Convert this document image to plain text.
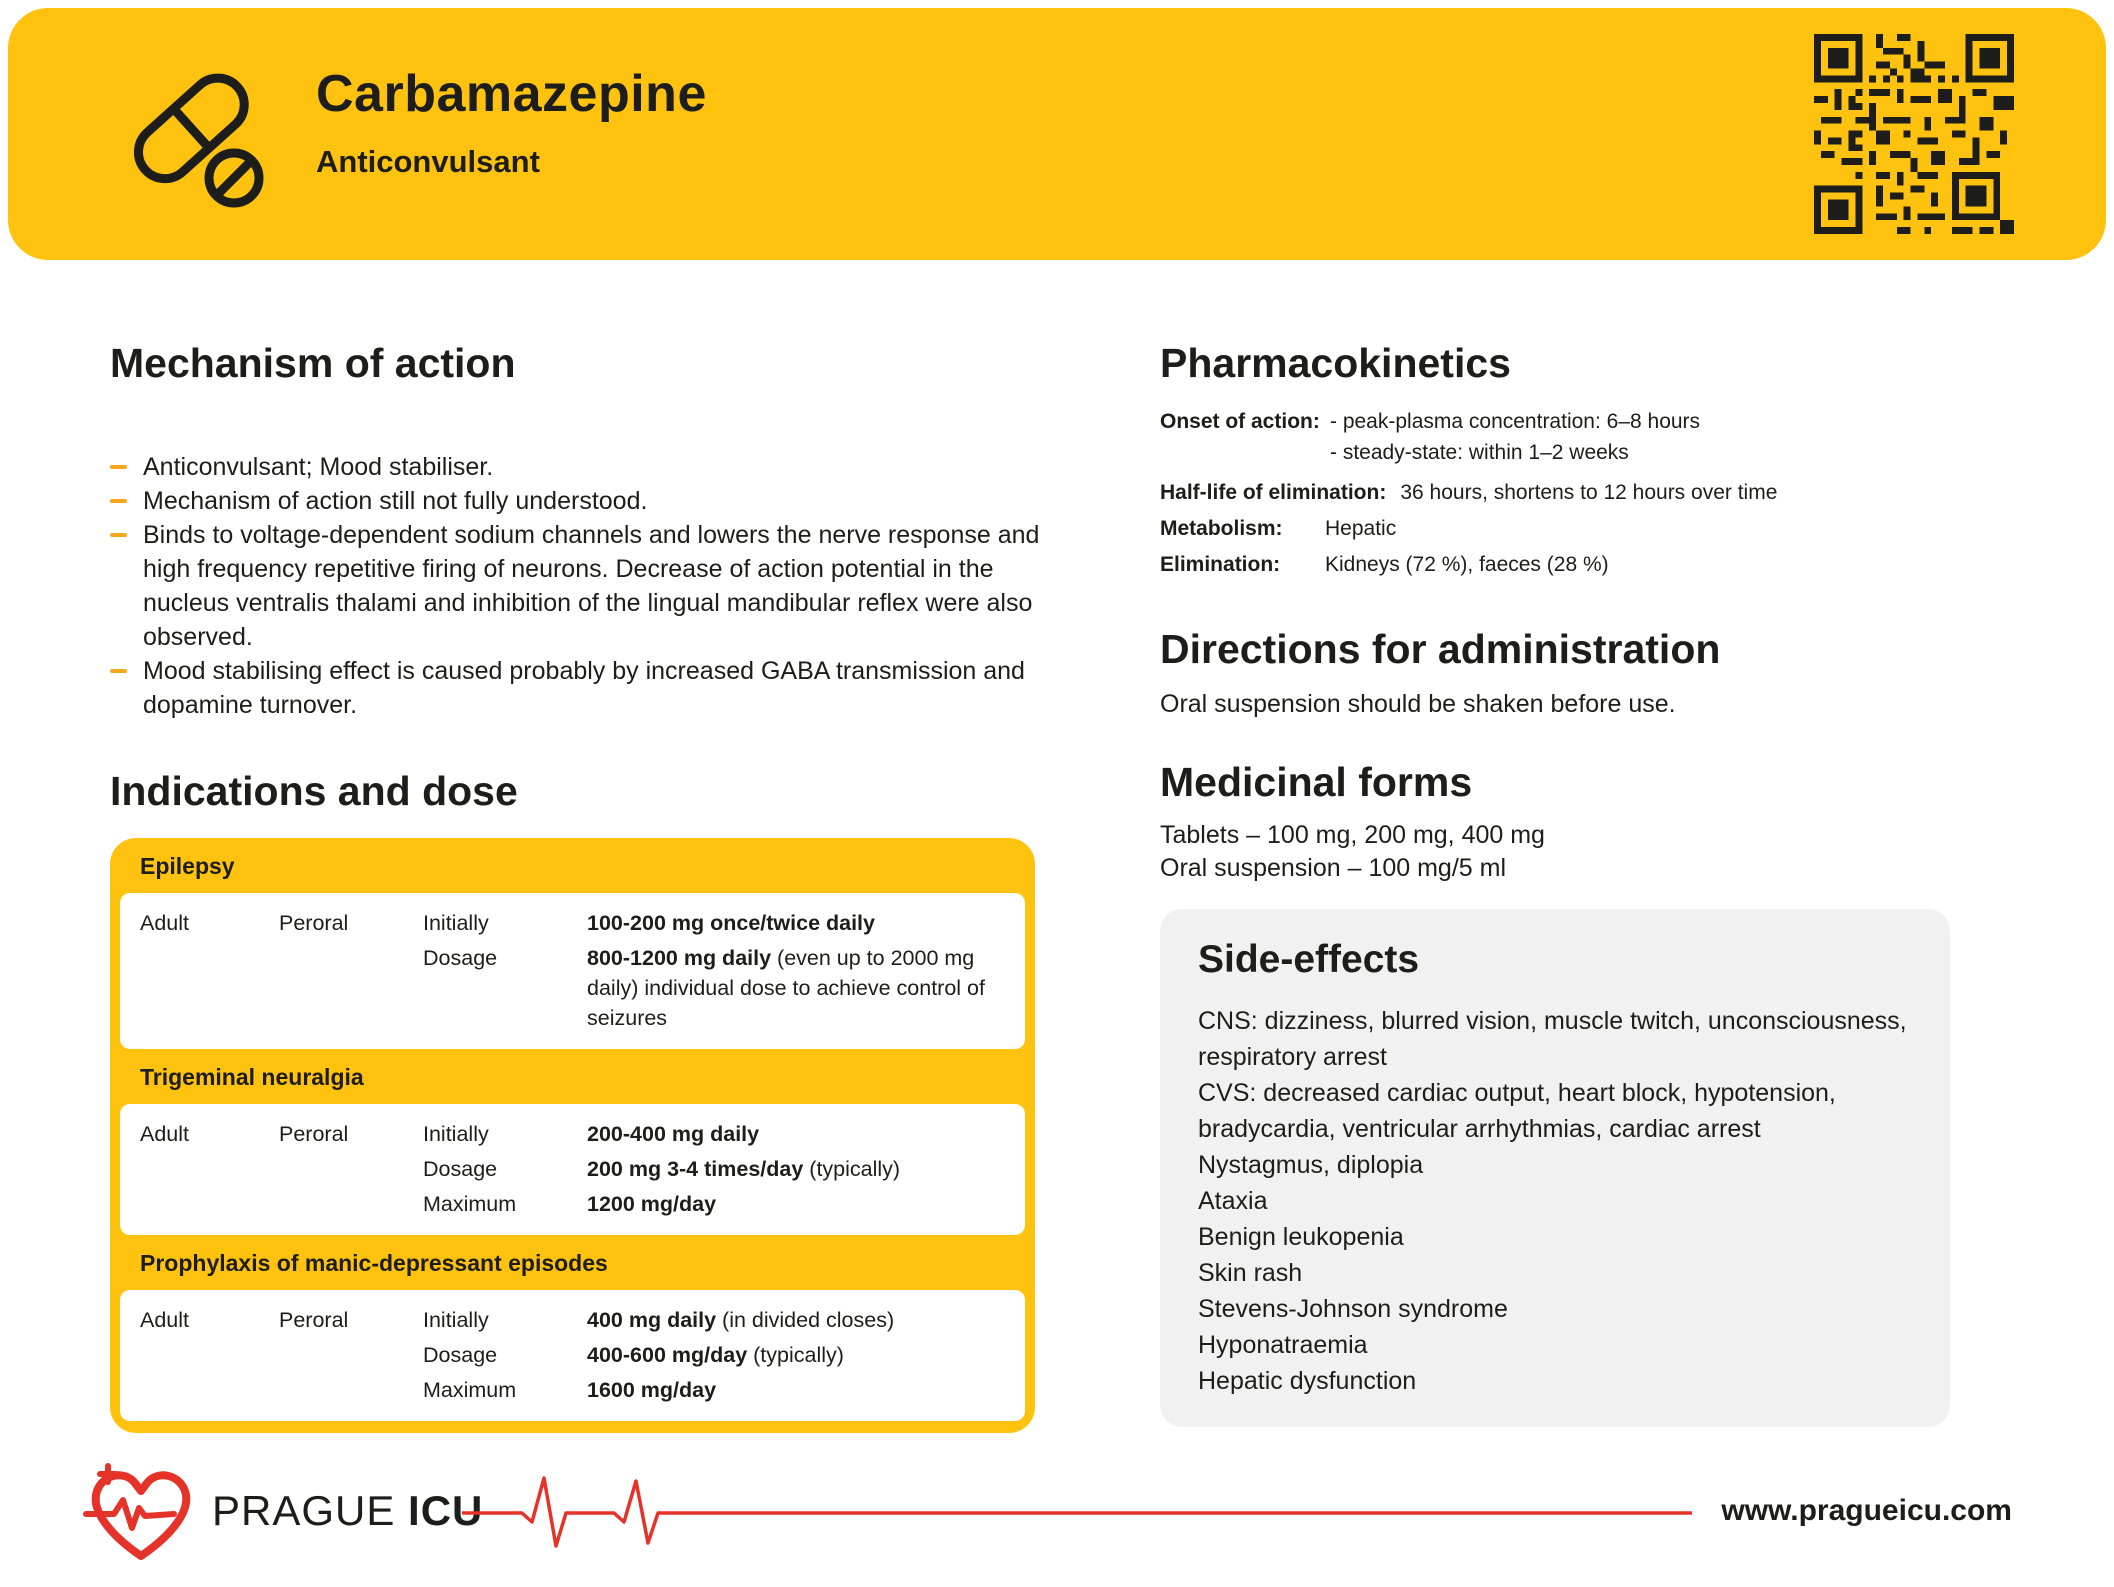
Carbamazepine
Anticonvulsant
Mechanism of action
Anticonvulsant; Mood stabiliser.
Mechanism of action still not fully understood.
Binds to voltage-dependent sodium channels and lowers the nerve response and high frequency repetitive firing of neurons. Decrease of action potential in the nucleus ventralis thalami and inhibition of the lingual mandibular reflex were also observed.
Mood stabilising effect is caused probably by increased GABA transmission and dopamine turnover.
Indications and dose
Epilepsy
Adult	Peroral	Initially	100-200 mg once/twice daily
Dosage	800-1200 mg daily (even up to 2000 mg daily) individual dose to achieve control of seizures
Trigeminal neuralgia
Adult	Peroral	Initially	200-400 mg daily
Dosage	200 mg 3-4 times/day (typically)
Maximum	1200 mg/day
Prophylaxis of manic-depressant episodes
Adult	Peroral	Initially	400 mg daily (in divided closes)
Dosage	400-600 mg/day (typically)
Maximum	1600 mg/day
Pharmacokinetics
Onset of action: - peak-plasma concentration: 6–8 hours
- steady-state: within 1–2 weeks
Half-life of elimination: 36 hours, shortens to 12 hours over time
Metabolism:	Hepatic
Elimination:	Kidneys (72 %), faeces (28 %)
Directions for administration
Oral suspension should be shaken before use.
Medicinal forms
Tablets – 100 mg, 200 mg, 400 mg
Oral suspension – 100 mg/5 ml
Side-effects
CNS: dizziness, blurred vision, muscle twitch, unconsciousness, respiratory arrest
CVS: decreased cardiac output, heart block, hypotension, bradycardia, ventricular arrhythmias, cardiac arrest
Nystagmus, diplopia
Ataxia
Benign leukopenia
Skin rash
Stevens-Johnson syndrome
Hyponatraemia
Hepatic dysfunction
PRAGUE ICU	www.pragueicu.com
